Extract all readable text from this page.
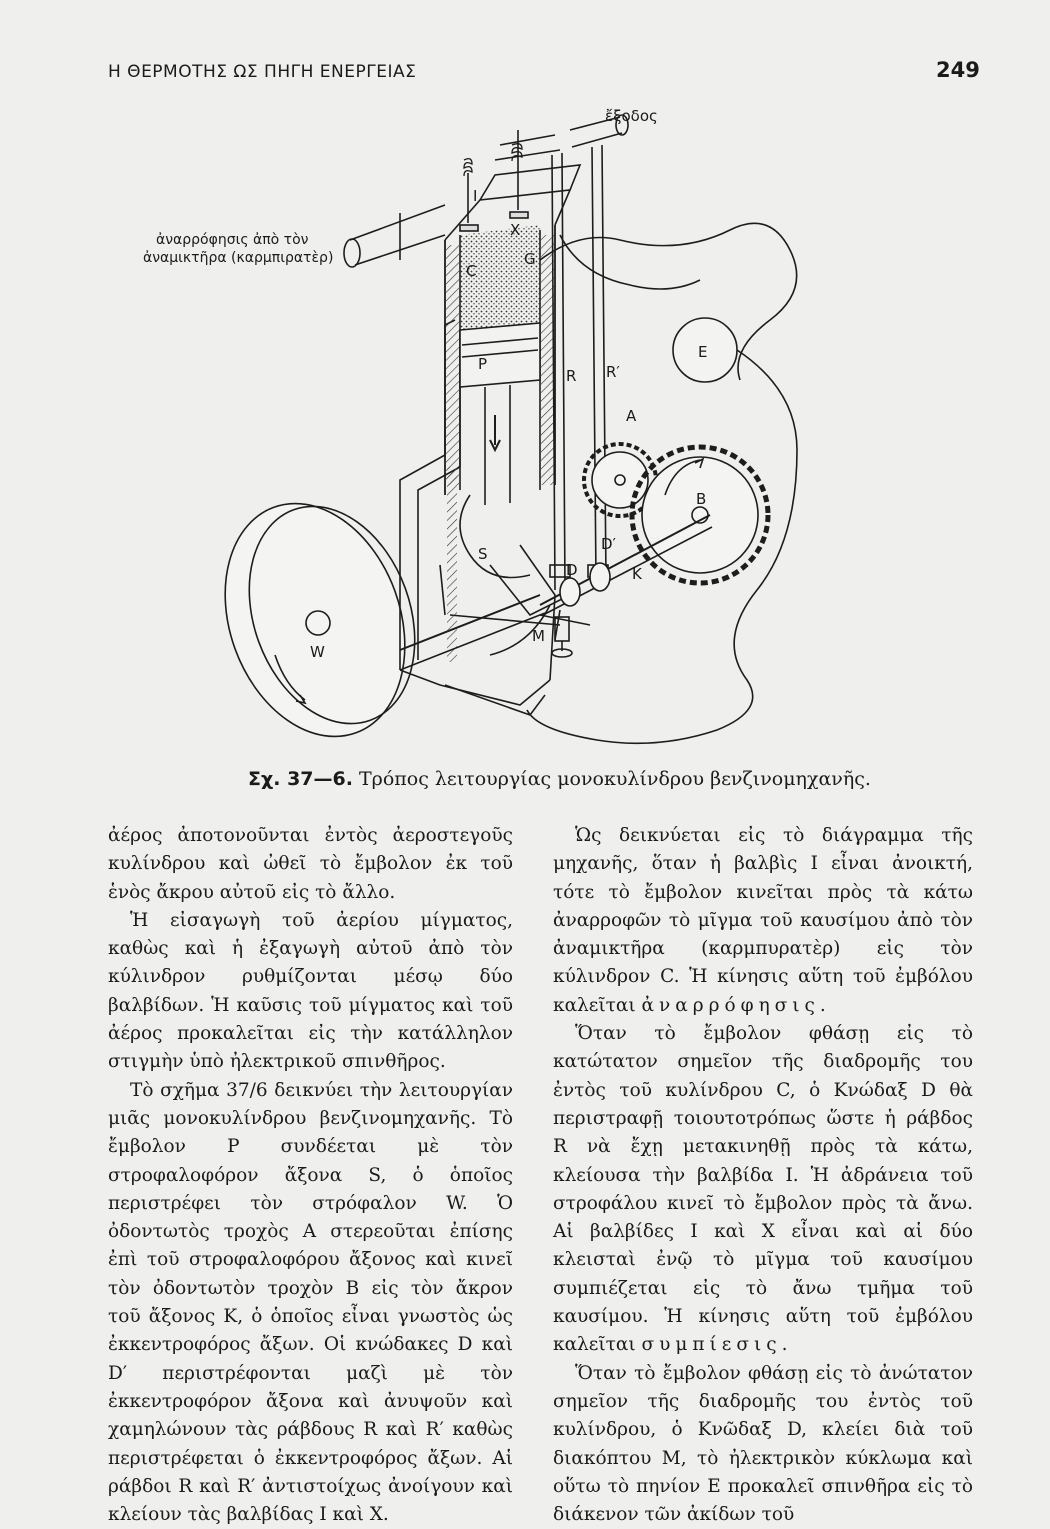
Η ΘΕΡΜΟΤΗΣ ΩΣ ΠΗΓΗ ΕΝΕΡΓΕΙΑΣ	249
ἔξοδος
ἀναρρόφησις ἀπὸ τὸν
ἀναμικτῆρα (καρμπιρατὲρ)
I
X
G
C
P
R R′
E
A
B
D′
D	K
S
M
W
Σχ. 37—6. Τρόπος λειτουργίας μονοκυλίνδρου βενζινομηχανῆς.

ἀέρος ἀποτονοῦνται ἐντὸς ἀεροστεγοῦς κυλίνδρου καὶ ὠθεῖ τὸ ἔμβολον ἐκ τοῦ ἑνὸς ἄκρου αὐτοῦ εἰς τὸ ἄλλο.

Ἡ εἰσαγωγὴ τοῦ ἀερίου μίγματος, καθὼς καὶ ἡ ἐξαγωγὴ αὐτοῦ ἀπὸ τὸν κύλινδρον ρυθμίζονται μέσῳ δύο βαλβίδων. Ἡ καῦσις τοῦ μίγματος καὶ τοῦ ἀέρος προκαλεῖται εἰς τὴν κατάλληλον στιγμὴν ὑπὸ ἠλεκτρικοῦ σπινθῆρος.

Τὸ σχῆμα 37/6 δεικνύει τὴν λειτουργίαν μιᾶς μονοκυλίνδρου βενζινομηχανῆς. Τὸ ἔμβολον P συνδέεται μὲ τὸν στροφαλοφόρον ἄξονα S, ὁ ὁποῖος περιστρέφει τὸν στρόφαλον W. Ὁ ὀδοντωτὸς τροχὸς A στερεοῦται ἐπίσης ἐπὶ τοῦ στροφαλοφόρου ἄξονος καὶ κινεῖ τὸν ὀδοντωτὸν τροχὸν B εἰς τὸν ἄκρον τοῦ ἄξονος K, ὁ ὁποῖος εἶναι γνωστὸς ὡς ἐκκεντροφόρος ἄξων. Οἱ κνώδακες D καὶ D′ περιστρέφονται μαζὶ μὲ τὸν ἐκκεντροφόρον ἄξονα καὶ ἀνυψοῦν καὶ χαμηλώνουν τὰς ράβδους R καὶ R′ καθὼς περιστρέφεται ὁ ἐκκεντροφόρος ἄξων. Αἱ ράβδοι R καὶ R′ ἀντιστοίχως ἀνοίγουν καὶ κλείουν τὰς βαλβίδας I καὶ X.

Ὡς δεικνύεται εἰς τὸ διάγραμμα τῆς μηχανῆς, ὅταν ἡ βαλβὶς I εἶναι ἀνοικτή, τότε τὸ ἔμβολον κινεῖται πρὸς τὰ κάτω ἀναρροφῶν τὸ μῖγμα τοῦ καυσίμου ἀπὸ τὸν ἀναμικτῆρα (καρμπυρατὲρ) εἰς τὸν κύλινδρον C. Ἡ κίνησις αὕτη τοῦ ἐμβόλου καλεῖται ἀναρρόφησις.

Ὅταν τὸ ἔμβολον φθάσῃ εἰς τὸ κατώτατον σημεῖον τῆς διαδρομῆς του ἐντὸς τοῦ κυλίνδρου C, ὁ Κνώδαξ D θὰ περιστραφῇ τοιουτοτρόπως ὥστε ἡ ράβδος R νὰ ἔχῃ μετακινηθῇ πρὸς τὰ κάτω, κλείουσα τὴν βαλβίδα I. Ἡ ἀδράνεια τοῦ στροφάλου κινεῖ τὸ ἔμβολον πρὸς τὰ ἄνω. Αἱ βαλβίδες I καὶ X εἶναι καὶ αἱ δύο κλεισταὶ ἐνῷ τὸ μῖγμα τοῦ καυσίμου συμπιέζεται εἰς τὸ ἄνω τμῆμα τοῦ καυσίμου. Ἡ κίνησις αὕτη τοῦ ἐμβόλου καλεῖται συμπίεσις.

Ὅταν τὸ ἔμβολον φθάσῃ εἰς τὸ ἀνώτατον σημεῖον τῆς διαδρομῆς του ἐντὸς τοῦ κυλίνδρου, ὁ Κνῶδαξ D, κλείει διὰ τοῦ διακόπτου M, τὸ ἠλεκτρικὸν κύκλωμα καὶ οὕτω τὸ πηνίον E προκαλεῖ σπινθῆρα εἰς τὸ διάκενον τῶν ἀκίδων τοῦ
